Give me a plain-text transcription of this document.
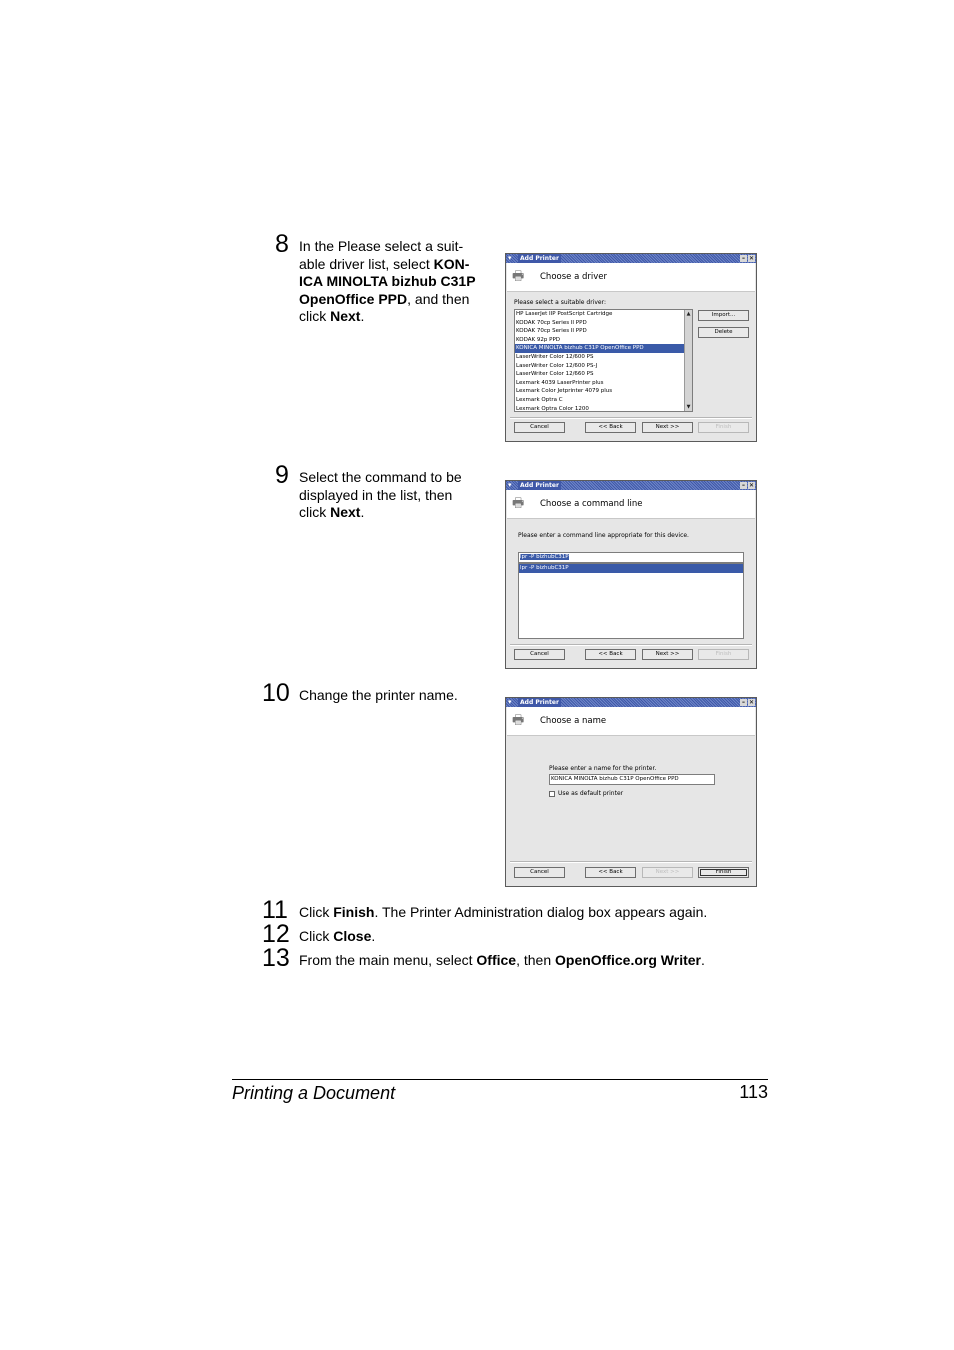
8 In the Please select a suit-
able driver list, select KON-
ICA MINOLTA bizhub C31P
OpenOffice PPD, and then
click Next.
9 Select the command to be
displayed in the list, then
click Next.
10 Change the printer name.
11 Click Finish. The Printer Administration dialog box appears again.
12 Click Close.
13 From the main menu, select Office, then OpenOffice.org Writer.
▾	Add Printer	– ✕
🖶	Choose a driver
Please select a suitable driver:
HP LaserJet IIP PostScript Cartridge
KODAK 70cp Series II PPD
KODAK 70cp Series II PPD
KODAK 92p PPD
KONICA MINOLTA bizhub C31P OpenOffice PPD
LaserWriter Color 12/600 PS
LaserWriter Color 12/600 PS-J
LaserWriter Color 12/660 PS
Lexmark 4039 LaserPrinter plus
Lexmark Color Jetprinter 4079 plus
Lexmark Optra C
Lexmark Optra Color 1200
▲
▼
Import...
Delete
Cancel	<< Back	Next >>	Finish
▾	Add Printer	– ✕
🖶	Choose a command line
Please enter a command line appropriate for this device.
lpr -P bizhubC31P
lpr -P bizhubC31P
Cancel	<< Back	Next >>	Finish
▾	Add Printer	– ✕
🖶	Choose a name
Please enter a name for the printer.
KONICA MINOLTA bizhub C31P OpenOffice PPD
Use as default printer
Cancel	<< Back	Next >>	Finish
Printing a Document	113
